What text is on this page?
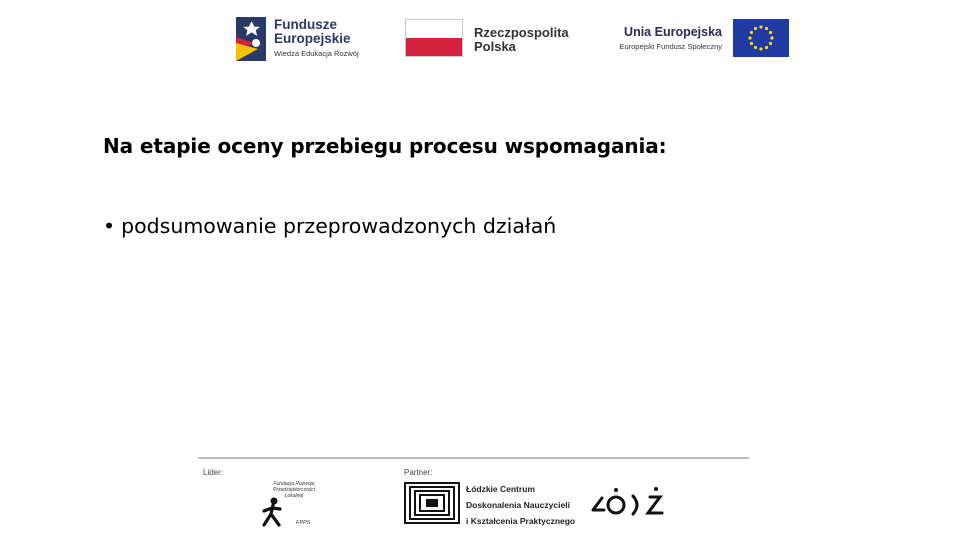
Fundusze
Europejskie
Wiedza Edukacja Rozwój
Rzeczpospolita
Polska
Unia Europejska
Europejski Fundusz Społeczny
Na etapie oceny przebiegu procesu wspomagania:
• podsumowanie przeprowadzonych działań
Lider:	Partner:
Fundacja Rozwoju Przedsiębiorczości Lokalnej
FPPS
Łódzkie Centrum
Doskonalenia Nauczycieli
i Kształcenia Praktycznego
